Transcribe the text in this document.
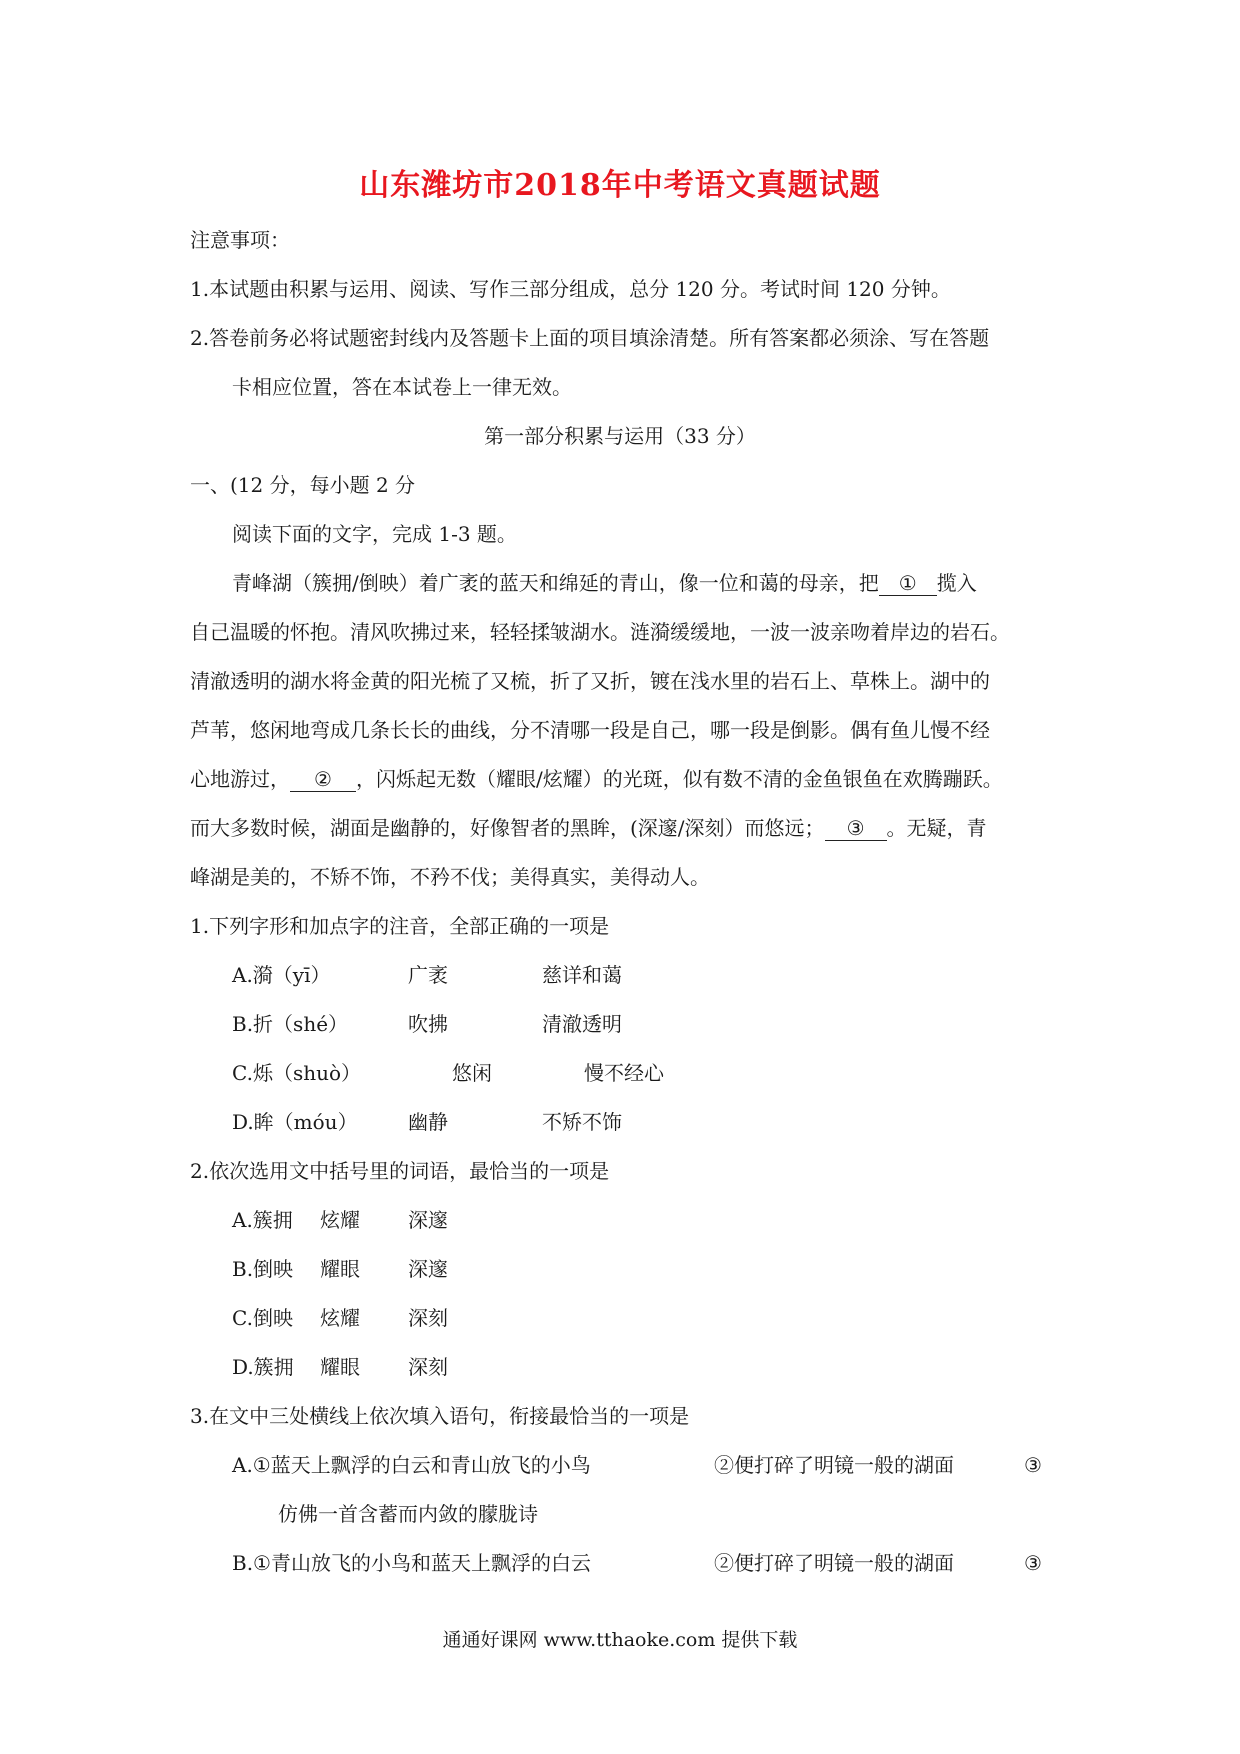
山东潍坊市2018年中考语文真题试题
注意事项：
1.本试题由积累与运用、阅读、写作三部分组成，总分 120 分。考试时间 120 分钟。
2.答卷前务必将试题密封线内及答题卡上面的项目填涂清楚。所有答案都必须涂、写在答题
卡相应位置，答在本试卷上一律无效。
第一部分积累与运用（33 分）
一、(12 分，每小题 2 分
阅读下面的文字，完成 1-3 题。
青峰湖（簇拥/倒映）着广袤的蓝天和绵延的青山，像一位和蔼的母亲，把 ① 揽入
自己温暖的怀抱。清风吹拂过来，轻轻揉皱湖水。涟漪缓缓地，一波一波亲吻着岸边的岩石。
清澈透明的湖水将金黄的阳光梳了又梳，折了又折，镀在浅水里的岩石上、草株上。湖中的
芦苇，悠闲地弯成几条长长的曲线，分不清哪一段是自己，哪一段是倒影。偶有鱼儿慢不经
心地游过， ② ，闪烁起无数（耀眼/炫耀）的光斑，似有数不清的金鱼银鱼在欢腾蹦跃。
而大多数时候，湖面是幽静的，好像智者的黑眸，(深邃/深刻）而悠远； ③ 。无疑，青
峰湖是美的，不矫不饰，不矜不伐；美得真实，美得动人。
1.下列字形和加点字的注音，全部正确的一项是
A.漪（yī）	广袤	慈详和蔼
B.折（shé）	吹拂	清澈透明
C.烁（shuò）	悠闲	慢不经心
D.眸（móu）	幽静	不矫不饰
2.依次选用文中括号里的词语，最恰当的一项是
A.簇拥 炫耀 深邃
B.倒映 耀眼 深邃
C.倒映 炫耀 深刻
D.簇拥 耀眼 深刻
3.在文中三处横线上依次填入语句，衔接最恰当的一项是
A.①蓝天上飘浮的白云和青山放飞的小鸟	②便打碎了明镜一般的湖面	③
仿佛一首含蓄而内敛的朦胧诗
B.①青山放飞的小鸟和蓝天上飘浮的白云	②便打碎了明镜一般的湖面	③
通通好课网 www.tthaoke.com 提供下载
